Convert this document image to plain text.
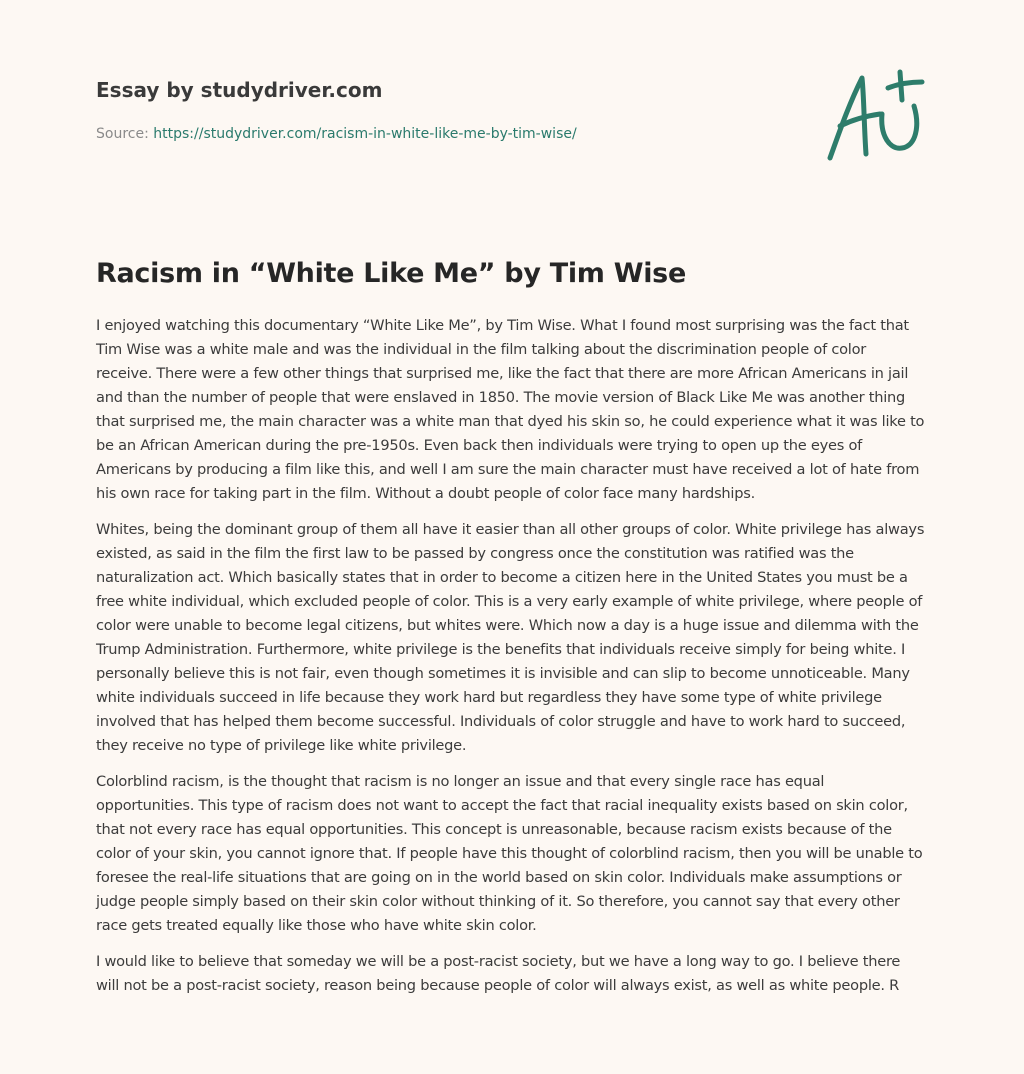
Essay by studydriver.com
Source: https://studydriver.com/racism-in-white-like-me-by-tim-wise/
Racism in “White Like Me” by Tim Wise

I enjoyed watching this documentary “White Like Me”, by Tim Wise. What I found most surprising was the fact that Tim Wise was a white male and was the individual in the film talking about the discrimination people of color receive. There were a few other things that surprised me, like the fact that there are more African Americans in jail and than the number of people that were enslaved in 1850. The movie version of Black Like Me was another thing that surprised me, the main character was a white man that dyed his skin so, he could experience what it was like to be an African American during the pre-1950s. Even back then individuals were trying to open up the eyes of Americans by producing a film like this, and well I am sure the main character must have received a lot of hate from his own race for taking part in the film. Without a doubt people of color face many hardships.

Whites, being the dominant group of them all have it easier than all other groups of color. White privilege has always existed, as said in the film the first law to be passed by congress once the constitution was ratified was the naturalization act. Which basically states that in order to become a citizen here in the United States you must be a free white individual, which excluded people of color. This is a very early example of white privilege, where people of color were unable to become legal citizens, but whites were. Which now a day is a huge issue and dilemma with the Trump Administration. Furthermore, white privilege is the benefits that individuals receive simply for being white. I personally believe this is not fair, even though sometimes it is invisible and can slip to become unnoticeable. Many white individuals succeed in life because they work hard but regardless they have some type of white privilege involved that has helped them become successful. Individuals of color struggle and have to work hard to succeed, they receive no type of privilege like white privilege.

Colorblind racism, is the thought that racism is no longer an issue and that every single race has equal opportunities. This type of racism does not want to accept the fact that racial inequality exists based on skin color, that not every race has equal opportunities. This concept is unreasonable, because racism exists because of the color of your skin, you cannot ignore that. If people have this thought of colorblind racism, then you will be unable to foresee the real-life situations that are going on in the world based on skin color. Individuals make assumptions or judge people simply based on their skin color without thinking of it. So therefore, you cannot say that every other race gets treated equally like those who have white skin color.

I would like to believe that someday we will be a post-racist society, but we have a long way to go. I believe there will not be a post-racist society, reason being because people of color will always exist, as well as white people. R
